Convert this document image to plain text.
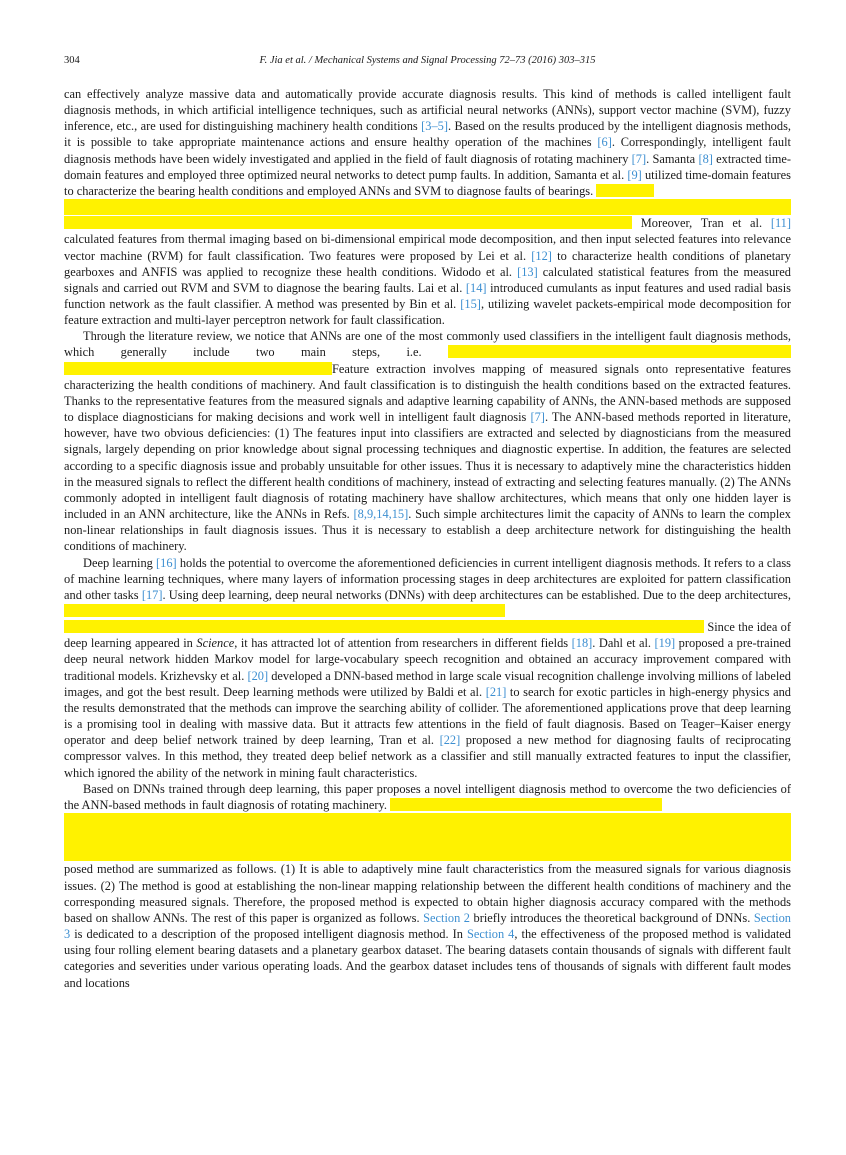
304	F. Jia et al. / Mechanical Systems and Signal Processing 72–73 (2016) 303–315

can effectively analyze massive data and automatically provide accurate diagnosis results. This kind of methods is called intelligent fault diagnosis methods, in which artificial intelligence techniques, such as artificial neural networks (ANNs), support vector machine (SVM), fuzzy inference, etc., are used for distinguishing machinery health conditions [3–5]. Based on the results produced by the intelligent diagnosis methods, it is possible to take appropriate maintenance actions and ensure healthy operation of the machines [6]. Correspondingly, intelligent fault diagnosis methods have been widely investigated and applied in the field of fault diagnosis of rotating machinery [7]. Samanta [8] extracted time-domain features and employed three optimized neural networks to detect pump faults. In addition, Samanta et al. [9] utilized time-domain features to characterize the bearing health conditions and employed ANNs and SVM to diagnose faults of bearings.
Moreover, Tran et al. [11] calculated features from thermal imaging based on bi-dimensional empirical mode decomposition, and then input selected features into relevance vector machine (RVM) for fault classification. Two features were proposed by Lei et al. [12] to characterize health conditions of planetary gearboxes and ANFIS was applied to recognize these health conditions. Widodo et al. [13] calculated statistical features from the measured signals and carried out RVM and SVM to diagnose the bearing faults. Lai et al. [14] introduced cumulants as input features and used radial basis function network as the fault classifier. A method was presented by Bin et al. [15], utilizing wavelet packets-empirical mode decomposition for feature extraction and multi-layer perceptron network for fault classification.

Through the literature review, we notice that ANNs are one of the most commonly used classifiers in the intelligent fault diagnosis methods, which generally include two main steps, i.e. Feature extraction involves mapping of measured signals onto representative features characterizing the health conditions of machinery. And fault classification is to distinguish the health conditions based on the extracted features. Thanks to the representative features from the measured signals and adaptive learning capability of ANNs, the ANN-based methods are supposed to displace diagnosticians for making decisions and work well in intelligent fault diagnosis [7]. The ANN-based methods reported in literature, however, have two obvious deficiencies: (1) The features input into classifiers are extracted and selected by diagnosticians from the measured signals, largely depending on prior knowledge about signal processing techniques and diagnostic expertise. In addition, the features are selected according to a specific diagnosis issue and probably unsuitable for other issues. Thus it is necessary to adaptively mine the characteristics hidden in the measured signals to reflect the different health conditions of machinery, instead of extracting and selecting features manually. (2) The ANNs commonly adopted in intelligent fault diagnosis of rotating machinery have shallow architectures, which means that only one hidden layer is included in an ANN architecture, like the ANNs in Refs. [8,9,14,15]. Such simple architectures limit the capacity of ANNs to learn the complex non-linear relationships in fault diagnosis issues. Thus it is necessary to establish a deep architecture network for distinguishing the health conditions of machinery.

Deep learning [16] holds the potential to overcome the aforementioned deficiencies in current intelligent diagnosis methods. It refers to a class of machine learning techniques, where many layers of information processing stages in deep architectures are exploited for pattern classification and other tasks [17]. Using deep learning, deep neural networks (DNNs) with deep architectures can be established. Due to the deep architectures,  Since the idea of deep learning appeared in Science, it has attracted lot of attention from researchers in different fields [18]. Dahl et al. [19] proposed a pre-trained deep neural network hidden Markov model for large-vocabulary speech recognition and obtained an accuracy improvement compared with traditional models. Krizhevsky et al. [20] developed a DNN-based method in large scale visual recognition challenge involving millions of labeled images, and got the best result. Deep learning methods were utilized by Baldi et al. [21] to search for exotic particles in high-energy physics and the results demonstrated that the methods can improve the searching ability of collider. The aforementioned applications prove that deep learning is a promising tool in dealing with massive data. But it attracts few attentions in the field of fault diagnosis. Based on Teager–Kaiser energy operator and deep belief network trained by deep learning, Tran et al. [22] proposed a new method for diagnosing faults of reciprocating compressor valves. In this method, they treated deep belief network as a classifier and still manually extracted features to input the classifier, which ignored the ability of the network in mining fault characteristics.

Based on DNNs trained through deep learning, this paper proposes a novel intelligent diagnosis method to overcome the two deficiencies of the ANN-based methods in fault diagnosis of rotating machinery.
posed method are summarized as follows. (1) It is able to adaptively mine fault characteristics from the measured signals for various diagnosis issues. (2) The method is good at establishing the non-linear mapping relationship between the different health conditions of machinery and the corresponding measured signals. Therefore, the proposed method is expected to obtain higher diagnosis accuracy compared with the methods based on shallow ANNs. The rest of this paper is organized as follows. Section 2 briefly introduces the theoretical background of DNNs. Section 3 is dedicated to a description of the proposed intelligent diagnosis method. In Section 4, the effectiveness of the proposed method is validated using four rolling element bearing datasets and a planetary gearbox dataset. The bearing datasets contain thousands of signals with different fault categories and severities under various operating loads. And the gearbox dataset includes tens of thousands of signals with different fault modes and locations
